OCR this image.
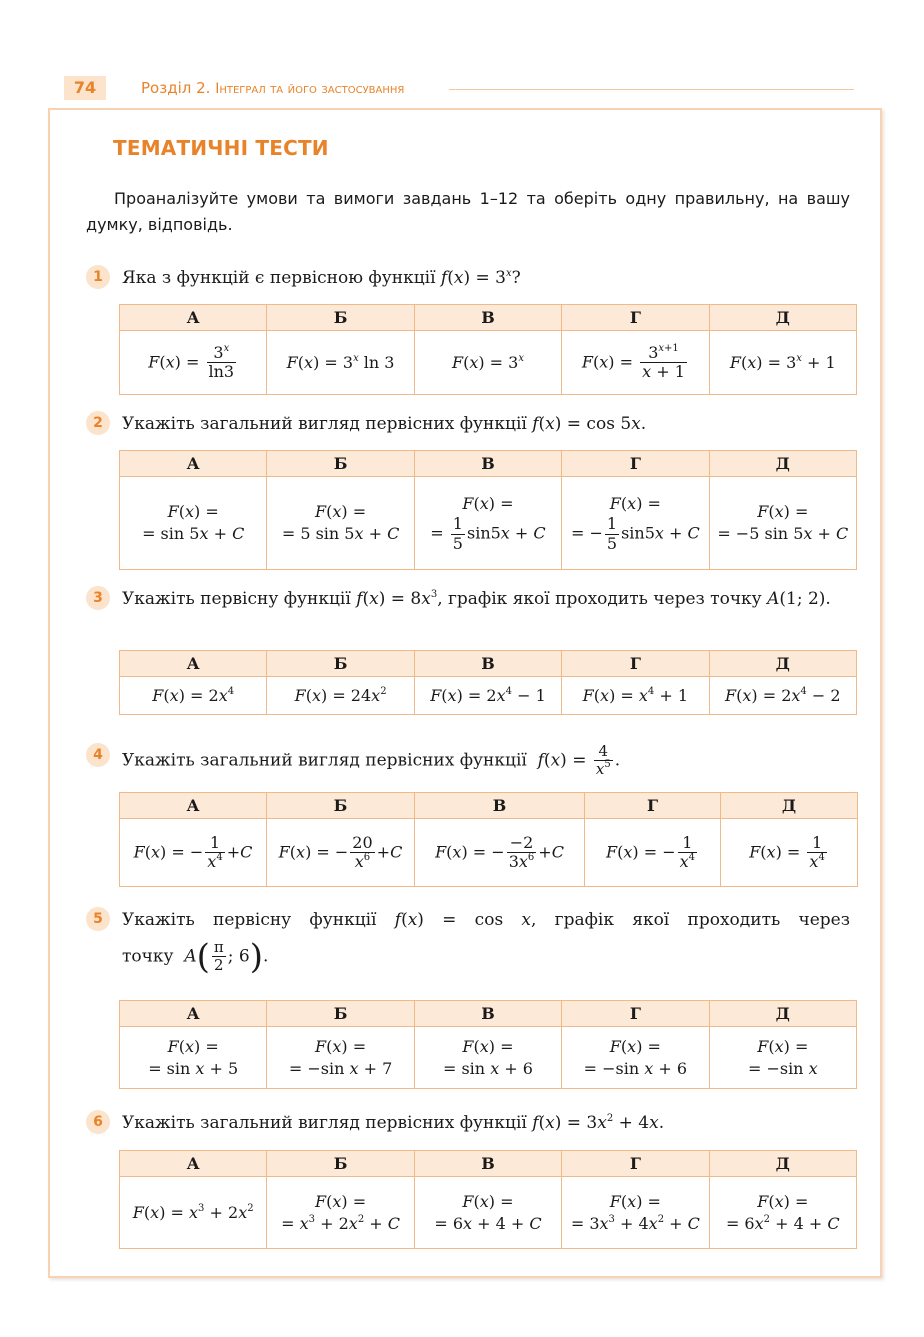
74	Розділ 2. Інтеграл та його застосування
ТЕМАТИЧНІ ТЕСТИ
Проаналізуйте умови та вимоги завдань 1–12 та оберіть одну правильну, на вашу думку, відповідь.
1	Яка з функцій є первісною функції $f(x) = 3^x$?
А	Б	В	Г	Д
$F(x) = \frac{3^x}{\ln 3}$	$F(x) = 3^x$ ln 3	$F(x) = 3^x$	$F(x) = \frac{3^{x+1}}{x + 1}$	$F(x) = 3^x + 1$
2	Укажіть загальний вигляд первісних функції f(x) = cos 5x.
А	Б	В	Г	Д
F(x) =
= sin 5x + C	F(x) =
= 5 sin 5x + C	F(x) =
= $\frac{1}{5} \sin 5x + C$	F(x) =
= − $\frac{1}{5} \sin 5x + C$	F(x) =
= −5 sin 5x + C
3	Укажіть первісну функції $f(x) = 8x^3$, графік якої проходить через точку A(1; 2).
А	Б	В	Г	Д
$F(x) = 2x^4$	$F(x) = 24x^2$	$F(x) = 2x^4 - 1$	$F(x) = x^4 + 1$	$F(x) = 2x^4 - 2$
4	Укажіть загальний вигляд первісних функції  $f(x) = \frac{4}{x^5}$ .
А	Б	В	Г	Д
F(x) = − $\frac{1}{x^4} +C$	F(x) = − $\frac{20}{x^6} +C$	F(x) = − $\frac{-2}{3x^6} +C$	F(x) = − $\frac{1}{x^4}$	$F(x) = \frac{1}{x^4}$
5	Укажіть первісну функції f(x) = cos x, графік якої проходить через
точку  $A( \frac{\pi}{2}$ ; 6).
А	Б	В	Г	Д
F(x) =
= sin x + 5	F(x) =
= −sin x + 7	F(x) =
= sin x + 6	F(x) =
= −sin x + 6	F(x) =
= −sin x
6	Укажіть загальний вигляд первісних функції $f(x) = 3x^2 + 4x$.
А	Б	В	Г	Д
$F(x) = x^3 + 2x^2$	F(x) =
= $x^3 + 2x^2 + C$	F(x) =
= 6x + 4 + C	F(x) =
= $3x^3 + 4x^2 + C$	F(x) =
= $6x^2 + 4 + C$
